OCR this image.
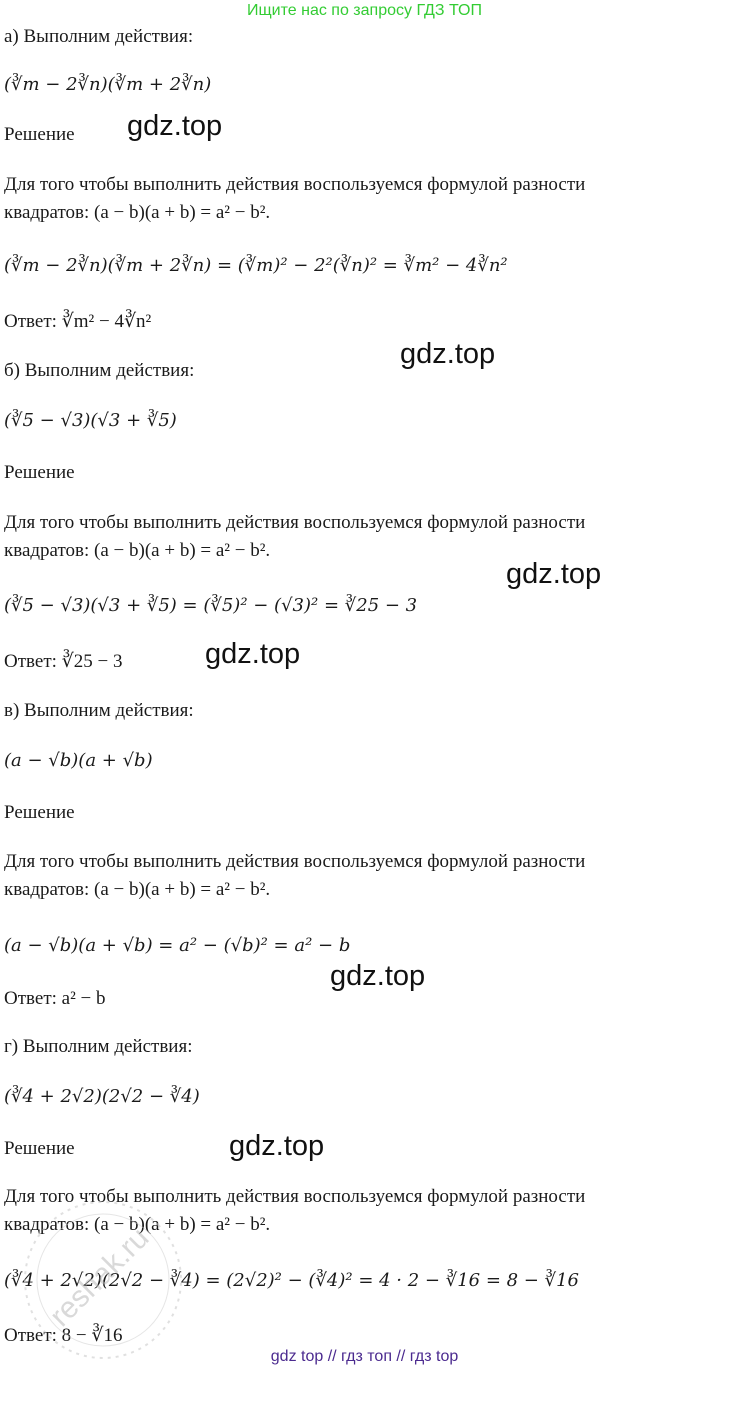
Ищите нас по запросу ГДЗ ТОП
а) Выполним действия:
(∛m − 2∛n)(∛m + 2∛n)
Решение gdz.top
Для того чтобы выполнить действия воспользуемся формулой разности
квадратов: (a − b)(a + b) = a² − b².
(∛m − 2∛n)(∛m + 2∛n) = (∛m)² − 2²(∛n)² = ∛m² − 4∛n²
Ответ: ∛m² − 4∛n²
gdz.top
б) Выполним действия:
(∛5 − √3)(√3 + ∛5)
Решение
Для того чтобы выполнить действия воспользуемся формулой разности
квадратов: (a − b)(a + b) = a² − b².
gdz.top
(∛5 − √3)(√3 + ∛5) = (∛5)² − (√3)² = ∛25 − 3
Ответ: ∛25 − 3	gdz.top
в) Выполним действия:
(a − √b)(a + √b)
Решение
Для того чтобы выполнить действия воспользуемся формулой разности
квадратов: (a − b)(a + b) = a² − b².
(a − √b)(a + √b) = a² − (√b)² = a² − b
gdz.top
Ответ: a² − b
г) Выполним действия:
(∛4 + 2√2)(2√2 − ∛4)
Решение	gdz.top
Для того чтобы выполнить действия воспользуемся формулой разности
квадратов: (a − b)(a + b) = a² − b².
(∛4 + 2√2)(2√2 − ∛4) = (2√2)² − (∛4)² = 4 · 2 − ∛16 = 8 − ∛16
Ответ: 8 − ∛16
reshak.ru
gdz top // гдз топ // гдз top
